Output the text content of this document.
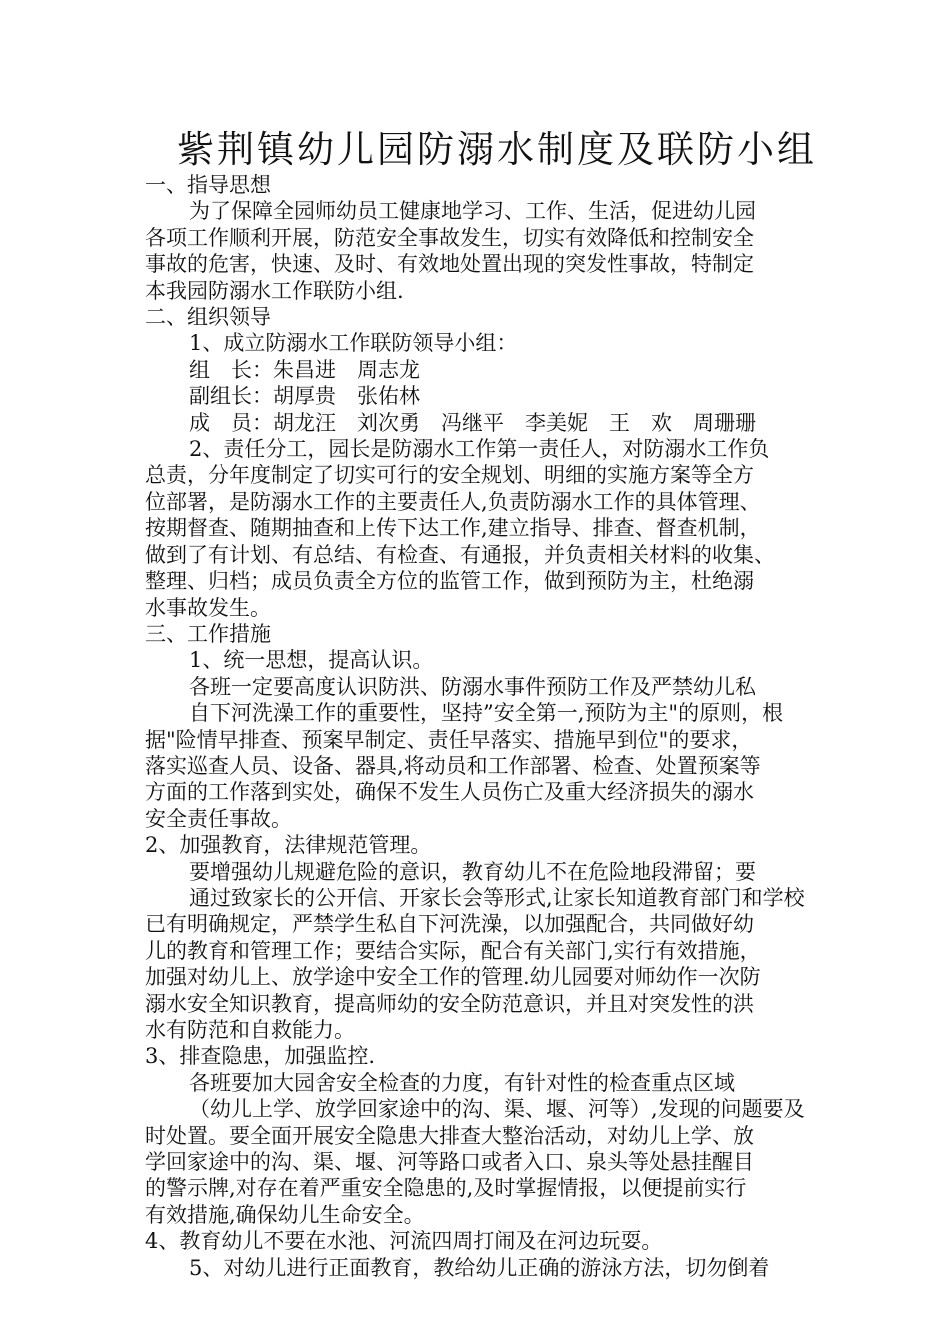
紫荆镇幼儿园防溺水制度及联防小组

一、指导思想

为了保障全园师幼员工健康地学习、工作、生活，促进幼儿园

各项工作顺利开展，防范安全事故发生，切实有效降低和控制安全

事故的危害，快速、及时、有效地处置出现的突发性事故，特制定

本我园防溺水工作联防小组.

二、组织领导

1、成立防溺水工作联防领导小组：

组　长：朱昌进　周志龙

副组长：胡厚贵　张佑林

成　员：胡龙汪　刘次勇　冯继平　李美妮　王　欢　周珊珊

2、责任分工，园长是防溺水工作第一责任人，对防溺水工作负

总责，分年度制定了切实可行的安全规划、明细的实施方案等全方

位部署，是防溺水工作的主要责任人,负责防溺水工作的具体管理、

按期督查、随期抽查和上传下达工作,建立指导、排查、督查机制，

做到了有计划、有总结、有检查、有通报，并负责相关材料的收集、

整理、归档；成员负责全方位的监管工作，做到预防为主，杜绝溺

水事故发生。

三、工作措施

1、统一思想，提高认识。

各班一定要高度认识防洪、防溺水事件预防工作及严禁幼儿私

自下河洗澡工作的重要性，坚持”安全第一,预防为主"的原则，根

据"险情早排查、预案早制定、责任早落实、措施早到位"的要求，

落实巡查人员、设备、器具,将动员和工作部署、检查、处置预案等

方面的工作落到实处，确保不发生人员伤亡及重大经济损失的溺水

安全责任事故。

2、加强教育，法律规范管理。

要增强幼儿规避危险的意识，教育幼儿不在危险地段滞留；要

通过致家长的公开信、开家长会等形式,让家长知道教育部门和学校

已有明确规定，严禁学生私自下河洗澡，以加强配合，共同做好幼

儿的教育和管理工作；要结合实际，配合有关部门,实行有效措施，

加强对幼儿上、放学途中安全工作的管理.幼儿园要对师幼作一次防

溺水安全知识教育，提高师幼的安全防范意识，并且对突发性的洪

水有防范和自救能力。

3、排查隐患，加强监控.

各班要加大园舍安全检查的力度，有针对性的检查重点区域

（幼儿上学、放学回家途中的沟、渠、堰、河等）,发现的问题要及

时处置。要全面开展安全隐患大排查大整治活动，对幼儿上学、放

学回家途中的沟、渠、堰、河等路口或者入口、泉头等处悬挂醒目

的警示牌,对存在着严重安全隐患的,及时掌握情报，以便提前实行

有效措施,确保幼儿生命安全。

4、教育幼儿不要在水池、河流四周打闹及在河边玩耍。

5、对幼儿进行正面教育，教给幼儿正确的游泳方法，切勿倒着
